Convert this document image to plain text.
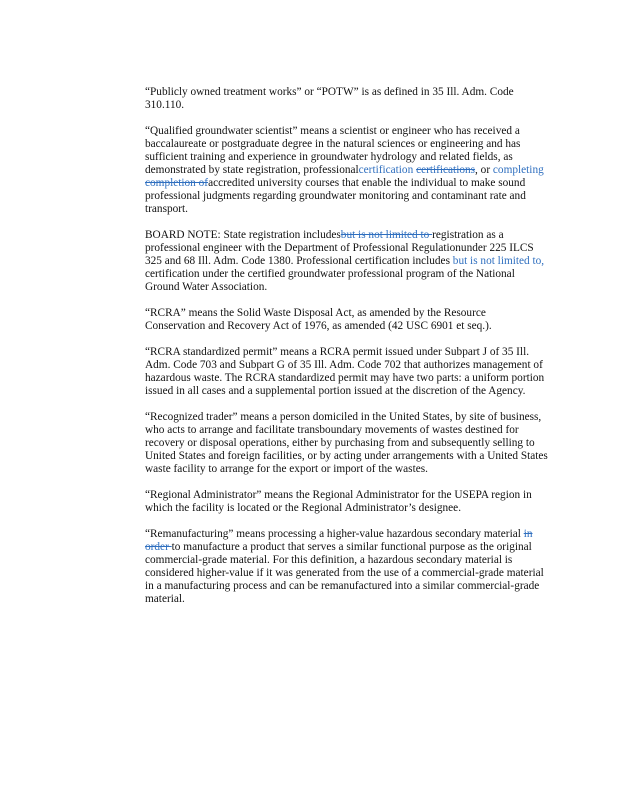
“Publicly owned treatment works” or “POTW” is as defined in 35 Ill. Adm. Code 310.110.

“Qualified groundwater scientist” means a scientist or engineer who has received a baccalaureate or postgraduate degree in the natural sciences or engineering and has sufficient training and experience in groundwater hydrology and related fields, as demonstrated by state registration, professionalcertification certifications, or completing completion ofaccredited university courses that enable the individual to make sound professional judgments regarding groundwater monitoring and contaminant rate and transport.

BOARD NOTE: State registration includesbut is not limited to registration as a professional engineer with the Department of Professional Regulationunder 225 ILCS 325 and 68 Ill. Adm. Code 1380. Professional certification includes but is not limited to, certification under the certified groundwater professional program of the National Ground Water Association.

“RCRA” means the Solid Waste Disposal Act, as amended by the Resource Conservation and Recovery Act of 1976, as amended (42 USC 6901 et seq.).

“RCRA standardized permit” means a RCRA permit issued under Subpart J of 35 Ill. Adm. Code 703 and Subpart G of 35 Ill. Adm. Code 702 that authorizes management of hazardous waste. The RCRA standardized permit may have two parts: a uniform portion issued in all cases and a supplemental portion issued at the discretion of the Agency.

“Recognized trader” means a person domiciled in the United States, by site of business, who acts to arrange and facilitate transboundary movements of wastes destined for recovery or disposal operations, either by purchasing from and subsequently selling to United States and foreign facilities, or by acting under arrangements with a United States waste facility to arrange for the export or import of the wastes.

“Regional Administrator” means the Regional Administrator for the USEPA region in which the facility is located or the Regional Administrator’s designee.

“Remanufacturing” means processing a higher-value hazardous secondary material in order to manufacture a product that serves a similar functional purpose as the original commercial-grade material. For this definition, a hazardous secondary material is considered higher-value if it was generated from the use of a commercial-grade material in a manufacturing process and can be remanufactured into a similar commercial-grade material.
